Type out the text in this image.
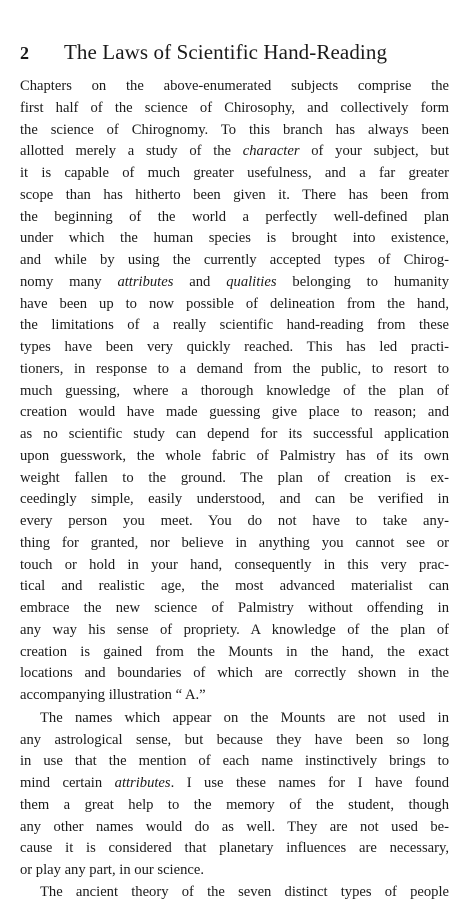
2	The Laws of Scientific Hand-Reading
Chapters on the above-enumerated subjects comprise the
first half of the science of Chirosophy, and collectively form
the science of Chirognomy. To this branch has always been
allotted merely a study of the character of your subject, but
it is capable of much greater usefulness, and a far greater
scope than has hitherto been given it. There has been from
the beginning of the world a perfectly well-defined plan
under which the human species is brought into existence,
and while by using the currently accepted types of Chirog-
nomy many attributes and qualities belonging to humanity
have been up to now possible of delineation from the hand,
the limitations of a really scientific hand-reading from these
types have been very quickly reached. This has led practi-
tioners, in response to a demand from the public, to resort to
much guessing, where a thorough knowledge of the plan of
creation would have made guessing give place to reason; and
as no scientific study can depend for its successful application
upon guesswork, the whole fabric of Palmistry has of its own
weight fallen to the ground. The plan of creation is ex-
ceedingly simple, easily understood, and can be verified in
every person you meet. You do not have to take any-
thing for granted, nor believe in anything you cannot see or
touch or hold in your hand, consequently in this very prac-
tical and realistic age, the most advanced materialist can
embrace the new science of Palmistry without offending in
any way his sense of propriety. A knowledge of the plan of
creation is gained from the Mounts in the hand, the exact
locations and boundaries of which are correctly shown in the
accompanying illustration “ A.”
The names which appear on the Mounts are not used in
any astrological sense, but because they have been so long
in use that the mention of each name instinctively brings to
mind certain attributes. I use these names for I have found
them a great help to the memory of the student, though
any other names would do as well. They are not used be-
cause it is considered that planetary influences are necessary,
or play any part, in our science.
The ancient theory of the seven distinct types of people
